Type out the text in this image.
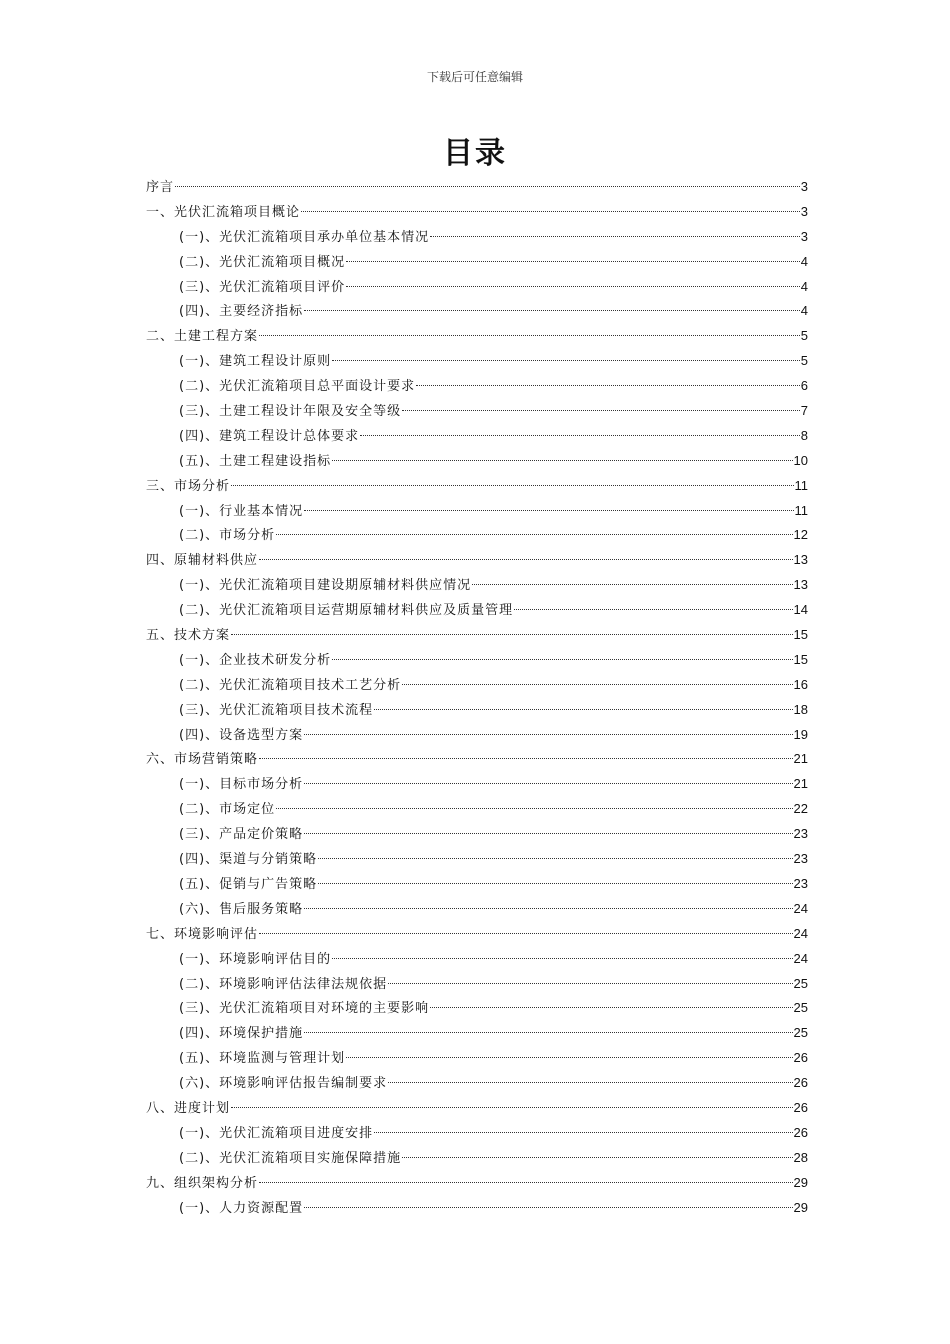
下载后可任意编辑
目录
序言	3
一、光伏汇流箱项目概论	3
(一)、光伏汇流箱项目承办单位基本情况	3
(二)、光伏汇流箱项目概况	4
(三)、光伏汇流箱项目评价	4
(四)、主要经济指标	4
二、土建工程方案	5
(一)、建筑工程设计原则	5
(二)、光伏汇流箱项目总平面设计要求	6
(三)、土建工程设计年限及安全等级	7
(四)、建筑工程设计总体要求	8
(五)、土建工程建设指标	10
三、市场分析	11
(一)、行业基本情况	11
(二)、市场分析	12
四、原辅材料供应	13
(一)、光伏汇流箱项目建设期原辅材料供应情况	13
(二)、光伏汇流箱项目运营期原辅材料供应及质量管理	14
五、技术方案	15
(一)、企业技术研发分析	15
(二)、光伏汇流箱项目技术工艺分析	16
(三)、光伏汇流箱项目技术流程	18
(四)、设备选型方案	19
六、市场营销策略	21
(一)、目标市场分析	21
(二)、市场定位	22
(三)、产品定价策略	23
(四)、渠道与分销策略	23
(五)、促销与广告策略	23
(六)、售后服务策略	24
七、环境影响评估	24
(一)、环境影响评估目的	24
(二)、环境影响评估法律法规依据	25
(三)、光伏汇流箱项目对环境的主要影响	25
(四)、环境保护措施	25
(五)、环境监测与管理计划	26
(六)、环境影响评估报告编制要求	26
八、进度计划	26
(一)、光伏汇流箱项目进度安排	26
(二)、光伏汇流箱项目实施保障措施	28
九、组织架构分析	29
(一)、人力资源配置	29
